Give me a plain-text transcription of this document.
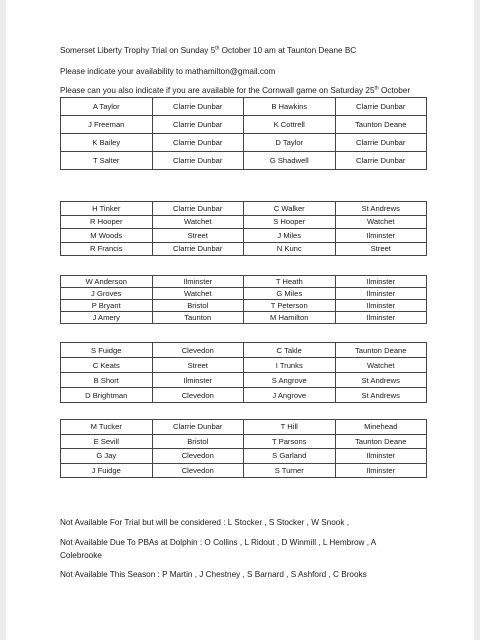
Somerset Liberty Trophy Trial on Sunday 5th October 10 am at Taunton Deane BC
Please indicate your availability to mathamilton@gmail.com
Please can you also indicate if you are available for the Cornwall game on Saturday 25th October
A Taylor	Clarrie Dunbar	B Hawkins	Clarrie Dunbar
J Freeman	Clarrie Dunbar	K Cottrell	Taunton Deane
K Bailey	Clarrie Dunbar	D Taylor	Clarrie Dunbar
T Salter	Clarrie Dunbar	G Shadwell	Clarrie Dunbar
H Tinker	Clarrie Dunbar	C Walker	St Andrews
R Hooper	Watchet	S Hooper	Watchet
M Woods	Street	J Miles	Ilminster
R Francis	Clarrie Dunbar	N Kunc	Street
W Anderson	Ilminster	T Heath	Ilminster
J Groves	Watchet	G Miles	Ilminster
P Bryant	Bristol	T Peterson	Ilminster
J Amery	Taunton	M Hamilton	Ilminster
S Fuidge	Clevedon	C Takle	Taunton Deane
C Keats	Street	I Trunks	Watchet
B Short	Ilminster	S Angrove	St Andrews
D Brightman	Clevedon	J Angrove	St Andrews
M Tucker	Clarrie Dunbar	T Hill	Minehead
E Sevill	Bristol	T Parsons	Taunton Deane
G Jay	Clevedon	S Garland	Ilminster
J Fuidge	Clevedon	S Turner	Ilminster
Not Available For Trial but will be considered : L Stocker , S Stocker , W Snook ,
Not Available Due To PBAs at Dolphin : O Collins , L Ridout , D Winmill , L Hembrow , A Colebrooke
Not Available This Season : P Martin , J Chestney , S Barnard , S Ashford , C Brooks
